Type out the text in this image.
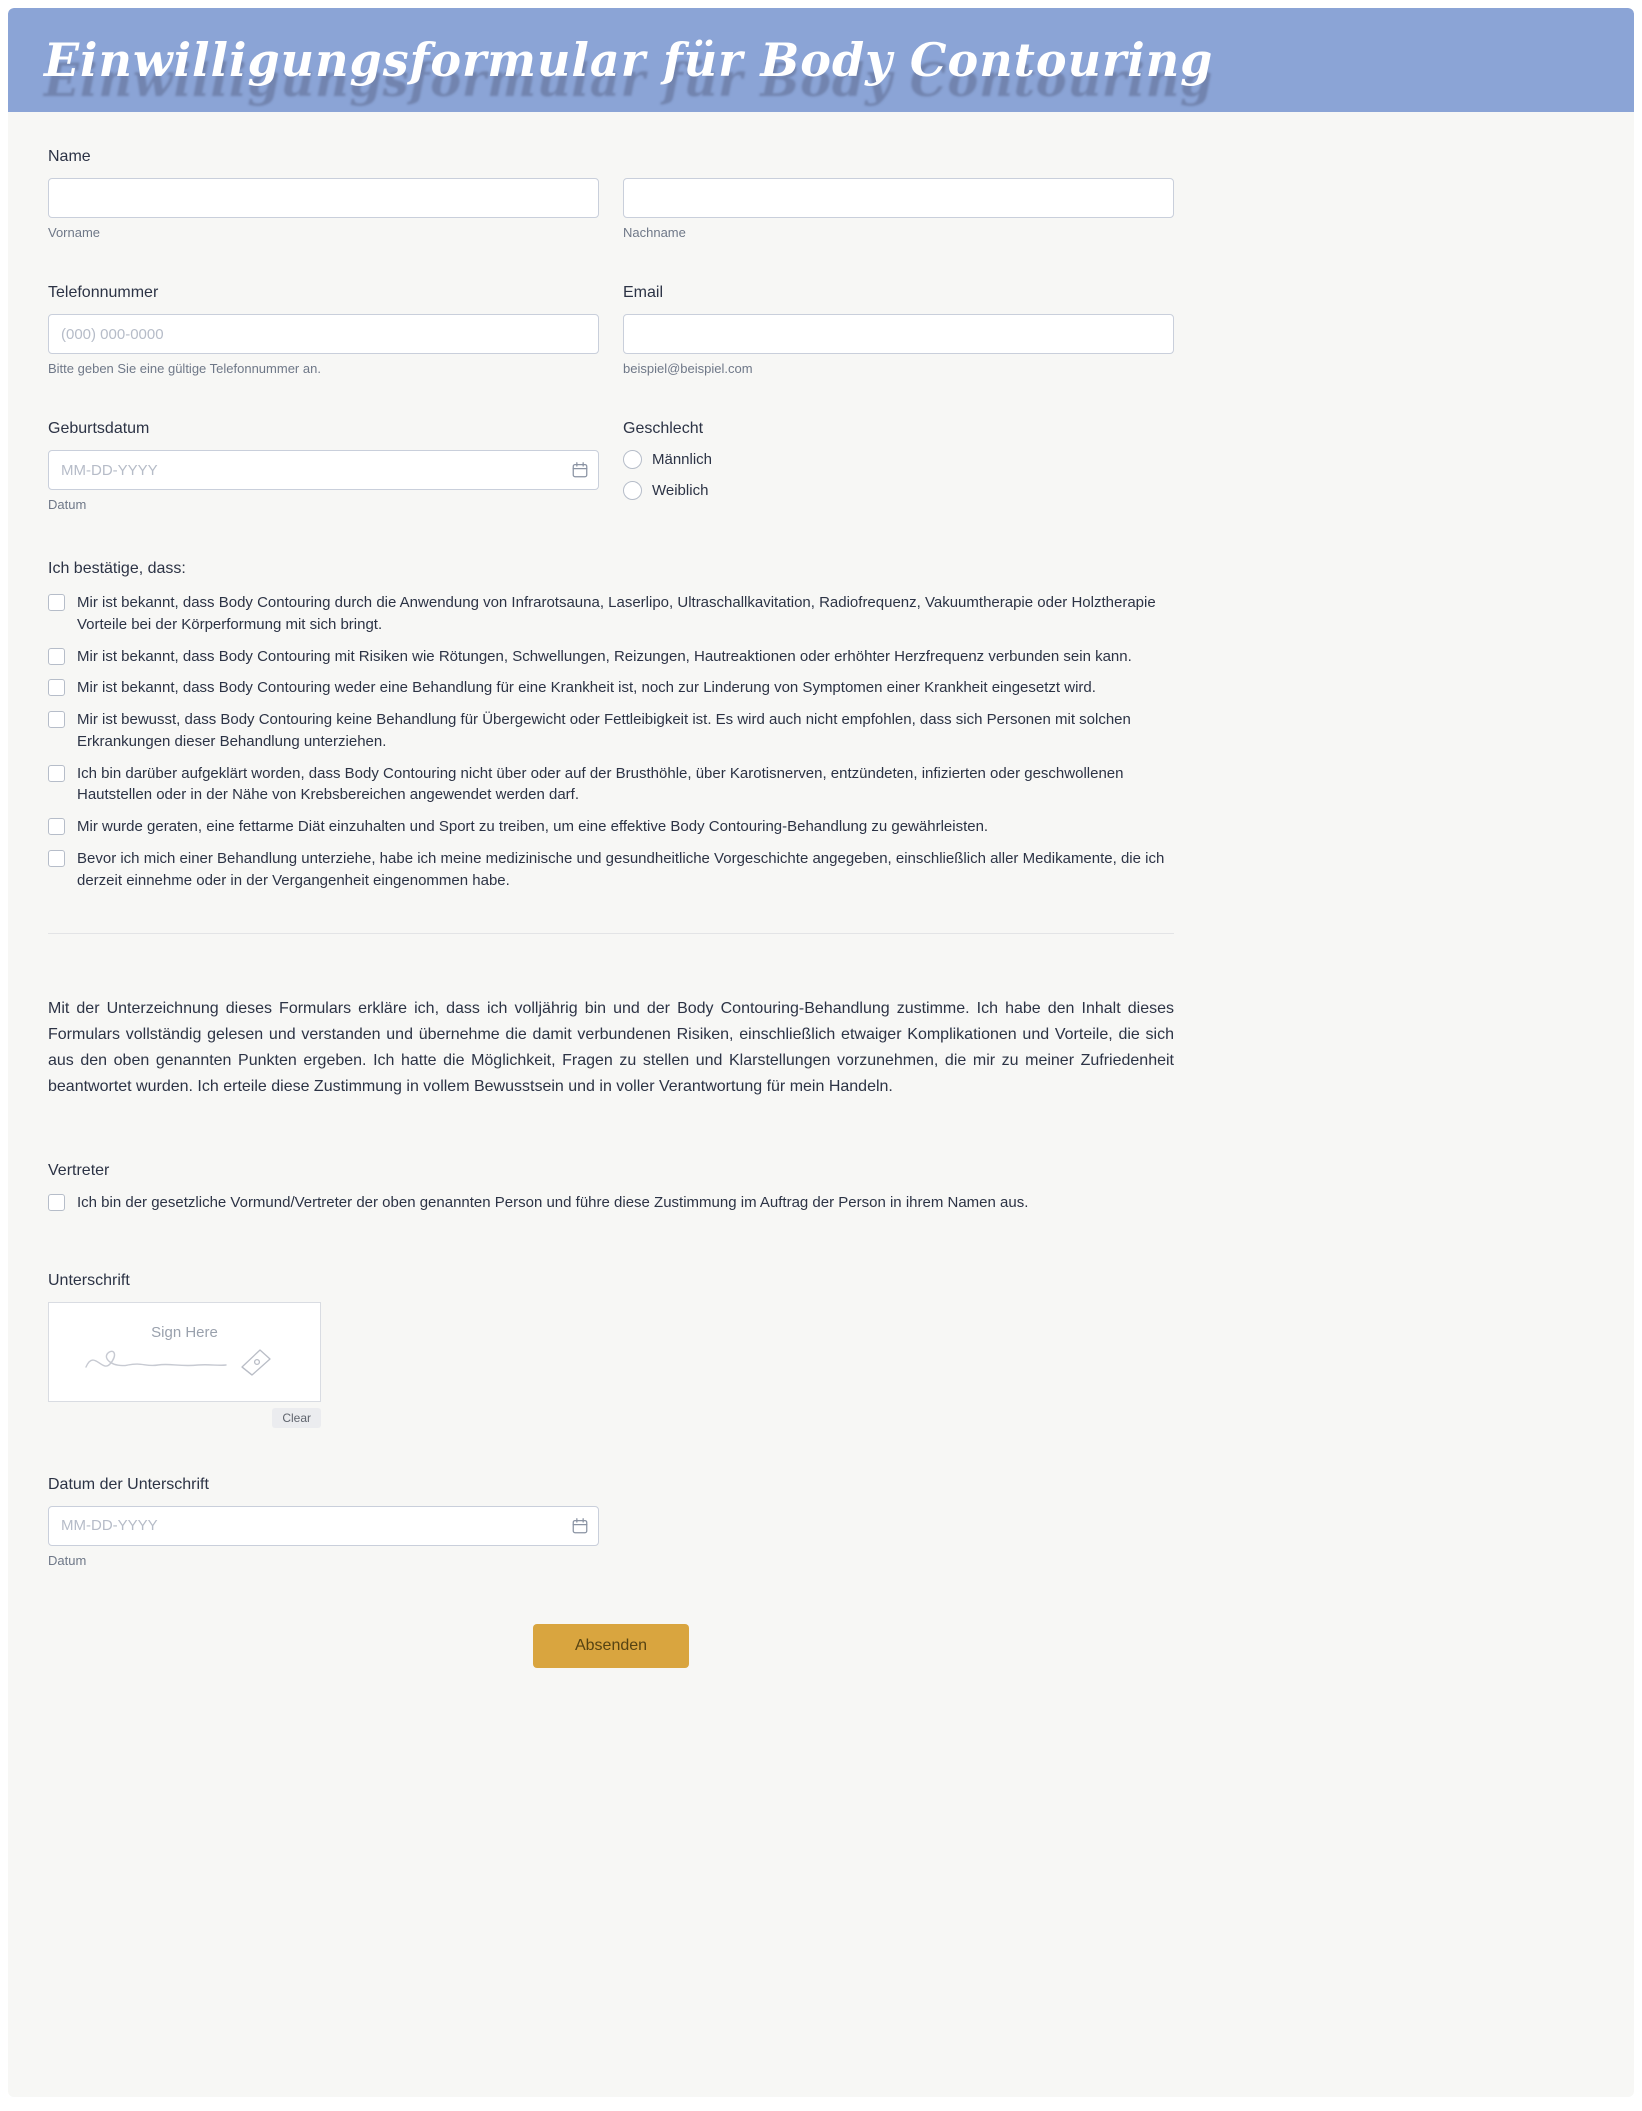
Einwilligungsformular für Body Contouring
Name
Vorname	Nachname
Telefonnummer
(000) 000-0000
Bitte geben Sie eine gültige Telefonnummer an.
Email
beispiel@beispiel.com
Geburtsdatum
MM-DD-YYYY
Datum
Geschlecht
Männlich
Weiblich
Ich bestätige, dass:
Mir ist bekannt, dass Body Contouring durch die Anwendung von Infrarotsauna, Laserlipo, Ultraschallkavitation, Radiofrequenz, Vakuumtherapie oder Holztherapie Vorteile bei der Körperformung mit sich bringt.
Mir ist bekannt, dass Body Contouring mit Risiken wie Rötungen, Schwellungen, Reizungen, Hautreaktionen oder erhöhter Herzfrequenz verbunden sein kann.
Mir ist bekannt, dass Body Contouring weder eine Behandlung für eine Krankheit ist, noch zur Linderung von Symptomen einer Krankheit eingesetzt wird.
Mir ist bewusst, dass Body Contouring keine Behandlung für Übergewicht oder Fettleibigkeit ist. Es wird auch nicht empfohlen, dass sich Personen mit solchen Erkrankungen dieser Behandlung unterziehen.
Ich bin darüber aufgeklärt worden, dass Body Contouring nicht über oder auf der Brusthöhle, über Karotisnerven, entzündeten, infizierten oder geschwollenen Hautstellen oder in der Nähe von Krebsbereichen angewendet werden darf.
Mir wurde geraten, eine fettarme Diät einzuhalten und Sport zu treiben, um eine effektive Body Contouring-Behandlung zu gewährleisten.
Bevor ich mich einer Behandlung unterziehe, habe ich meine medizinische und gesundheitliche Vorgeschichte angegeben, einschließlich aller Medikamente, die ich derzeit einnehme oder in der Vergangenheit eingenommen habe.

Mit der Unterzeichnung dieses Formulars erkläre ich, dass ich volljährig bin und der Body Contouring-Behandlung zustimme. Ich habe den Inhalt dieses Formulars vollständig gelesen und verstanden und übernehme die damit verbundenen Risiken, einschließlich etwaiger Komplikationen und Vorteile, die sich aus den oben genannten Punkten ergeben. Ich hatte die Möglichkeit, Fragen zu stellen und Klarstellungen vorzunehmen, die mir zu meiner Zufriedenheit beantwortet wurden. Ich erteile diese Zustimmung in vollem Bewusstsein und in voller Verantwortung für mein Handeln.

Vertreter
Ich bin der gesetzliche Vormund/Vertreter der oben genannten Person und führe diese Zustimmung im Auftrag der Person in ihrem Namen aus.
Unterschrift
Sign Here
Clear
Datum der Unterschrift
MM-DD-YYYY
Datum
Absenden
